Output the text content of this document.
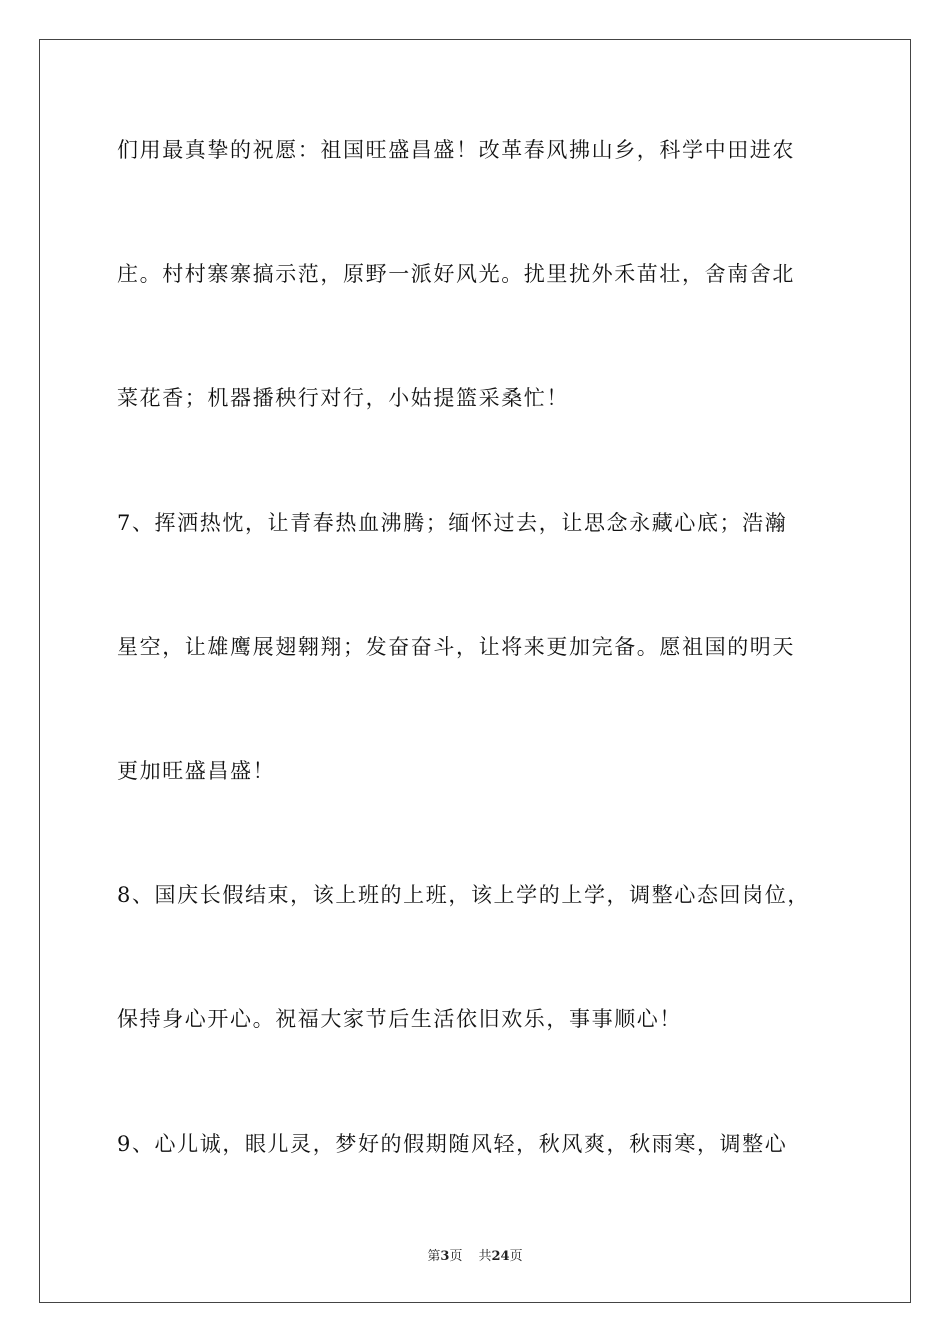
们用最真挚的祝愿：祖国旺盛昌盛！改革春风拂山乡，科学中田进农
庄。村村寨寨搞示范，原野一派好风光。扰里扰外禾苗壮，舍南舍北
菜花香；机器播秧行对行，小姑提篮采桑忙！
7、挥洒热忱，让青春热血沸腾；缅怀过去，让思念永藏心底；浩瀚
星空，让雄鹰展翅翱翔；发奋奋斗，让将来更加完备。愿祖国的明天
更加旺盛昌盛！
8、国庆长假结束，该上班的上班，该上学的上学，调整心态回岗位，
保持身心开心。祝福大家节后生活依旧欢乐，事事顺心！
9、心儿诚，眼儿灵，梦好的假期随风轻，秋风爽，秋雨寒，调整心
第3页 共24页
